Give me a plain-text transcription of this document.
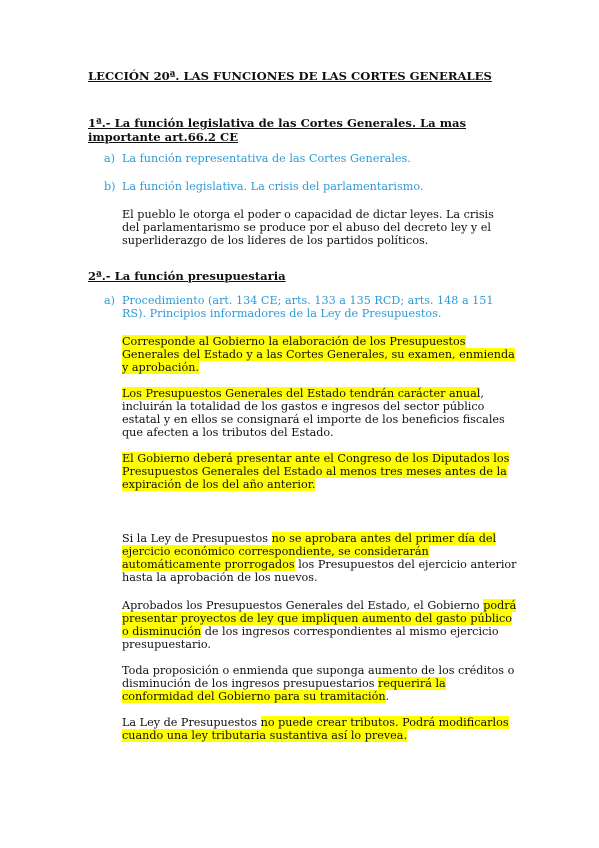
LECCIÓN 20ª. LAS FUNCIONES DE LAS CORTES GENERALES
1ª.- La función legislativa de las Cortes Generales. La mas
importante art.66.2 CE
a) La función representativa de las Cortes Generales.
b) La función legislativa. La crisis del parlamentarismo.
El pueblo le otorga el poder o capacidad de dictar leyes. La crisis
del parlamentarismo se produce por el abuso del decreto ley y el
superliderazgo de los lideres de los partidos políticos.
2ª.- La función presupuestaria
a) Procedimiento (art. 134 CE; arts. 133 a 135 RCD; arts. 148 a 151
RS). Principios informadores de la Ley de Presupuestos.
Corresponde al Gobierno la elaboración de los Presupuestos
Generales del Estado y a las Cortes Generales, su examen, enmienda
y aprobación.
Los Presupuestos Generales del Estado tendrán carácter anual,
incluirán la totalidad de los gastos e ingresos del sector público
estatal y en ellos se consignará el importe de los beneficios fiscales
que afecten a los tributos del Estado.
El Gobierno deberá presentar ante el Congreso de los Diputados los
Presupuestos Generales del Estado al menos tres meses antes de la
expiración de los del año anterior.
Si la Ley de Presupuestos no se aprobara antes del primer día del
ejercicio económico correspondiente, se considerarán
automáticamente prorrogados los Presupuestos del ejercicio anterior
hasta la aprobación de los nuevos.
Aprobados los Presupuestos Generales del Estado, el Gobierno podrá
presentar proyectos de ley que impliquen aumento del gasto público
o disminución de los ingresos correspondientes al mismo ejercicio
presupuestario.
Toda proposición o enmienda que suponga aumento de los créditos o
disminución de los ingresos presupuestarios requerirá la
conformidad del Gobierno para su tramitación.
La Ley de Presupuestos no puede crear tributos. Podrá modificarlos
cuando una ley tributaria sustantiva así lo prevea.
